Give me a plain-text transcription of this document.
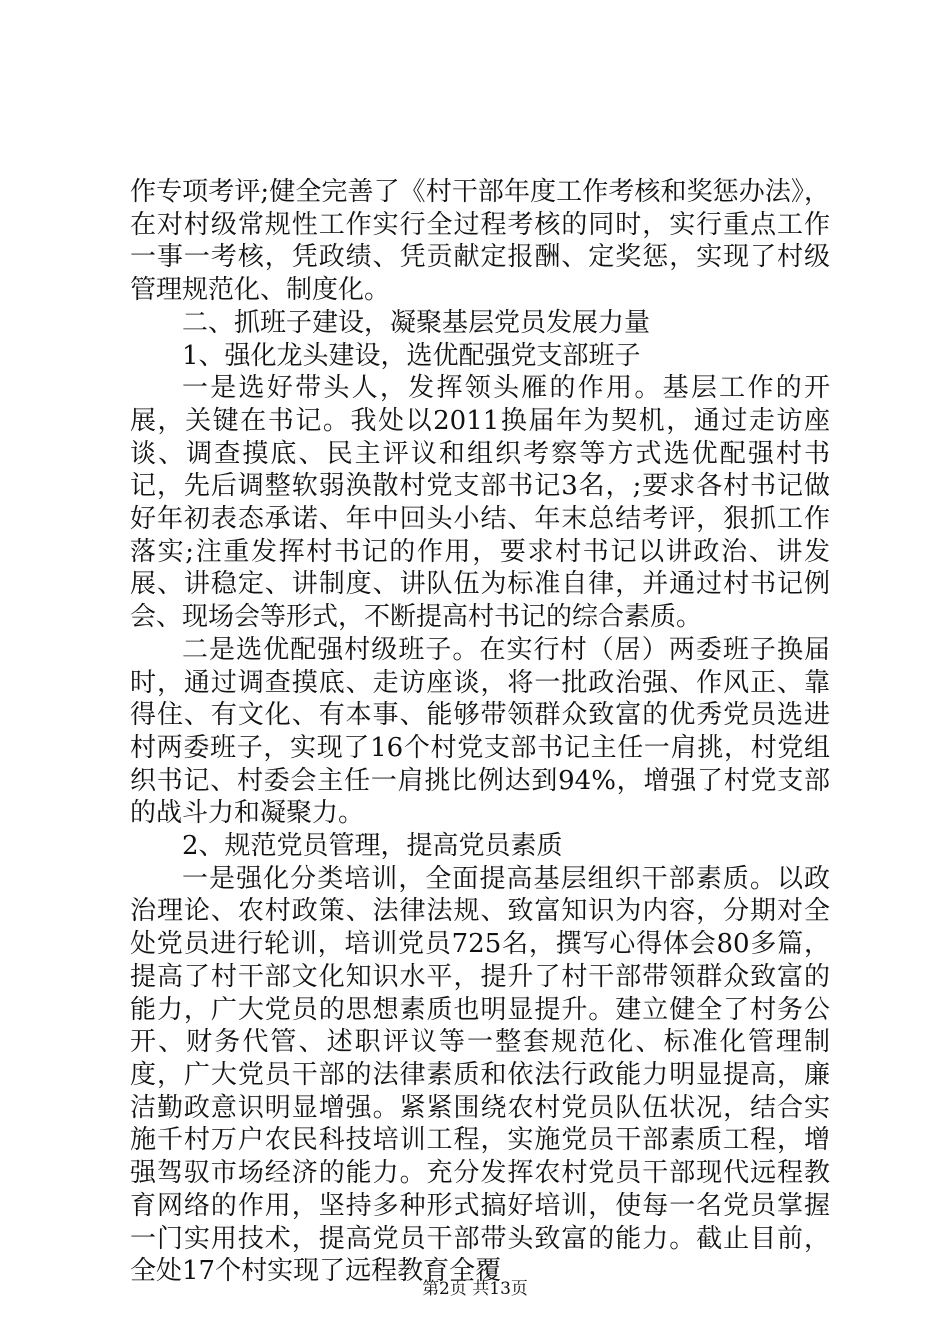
作专项考评;健全完善了《村干部年度工作考核和奖惩办法》，在对村级常规性工作实行全过程考核的同时，实行重点工作一事一考核，凭政绩、凭贡献定报酬、定奖惩，实现了村级管理规范化、制度化。

二、抓班子建设，凝聚基层党员发展力量

1、强化龙头建设，选优配强党支部班子

一是选好带头人，发挥领头雁的作用。基层工作的开展，关键在书记。我处以2011换届年为契机，通过走访座谈、调查摸底、民主评议和组织考察等方式选优配强村书记，先后调整软弱涣散村党支部书记3名，;要求各村书记做好年初表态承诺、年中回头小结、年末总结考评，狠抓工作落实;注重发挥村书记的作用，要求村书记以讲政治、讲发展、讲稳定、讲制度、讲队伍为标准自律，并通过村书记例会、现场会等形式，不断提高村书记的综合素质。

二是选优配强村级班子。在实行村（居）两委班子换届时，通过调查摸底、走访座谈，将一批政治强、作风正、靠得住、有文化、有本事、能够带领群众致富的优秀党员选进村两委班子，实现了16个村党支部书记主任一肩挑，村党组织书记、村委会主任一肩挑比例达到94%，增强了村党支部的战斗力和凝聚力。

2、规范党员管理，提高党员素质

一是强化分类培训，全面提高基层组织干部素质。以政治理论、农村政策、法律法规、致富知识为内容，分期对全处党员进行轮训，培训党员725名，撰写心得体会80多篇，提高了村干部文化知识水平，提升了村干部带领群众致富的能力，广大党员的思想素质也明显提升。建立健全了村务公开、财务代管、述职评议等一整套规范化、标准化管理制度，广大党员干部的法律素质和依法行政能力明显提高，廉洁勤政意识明显增强。紧紧围绕农村党员队伍状况，结合实施千村万户农民科技培训工程，实施党员干部素质工程，增强驾驭市场经济的能力。充分发挥农村党员干部现代远程教育网络的作用，坚持多种形式搞好培训，使每一名党员掌握一门实用技术，提高党员干部带头致富的能力。截止目前，全处17个村实现了远程教育全覆

第2页 共13页
